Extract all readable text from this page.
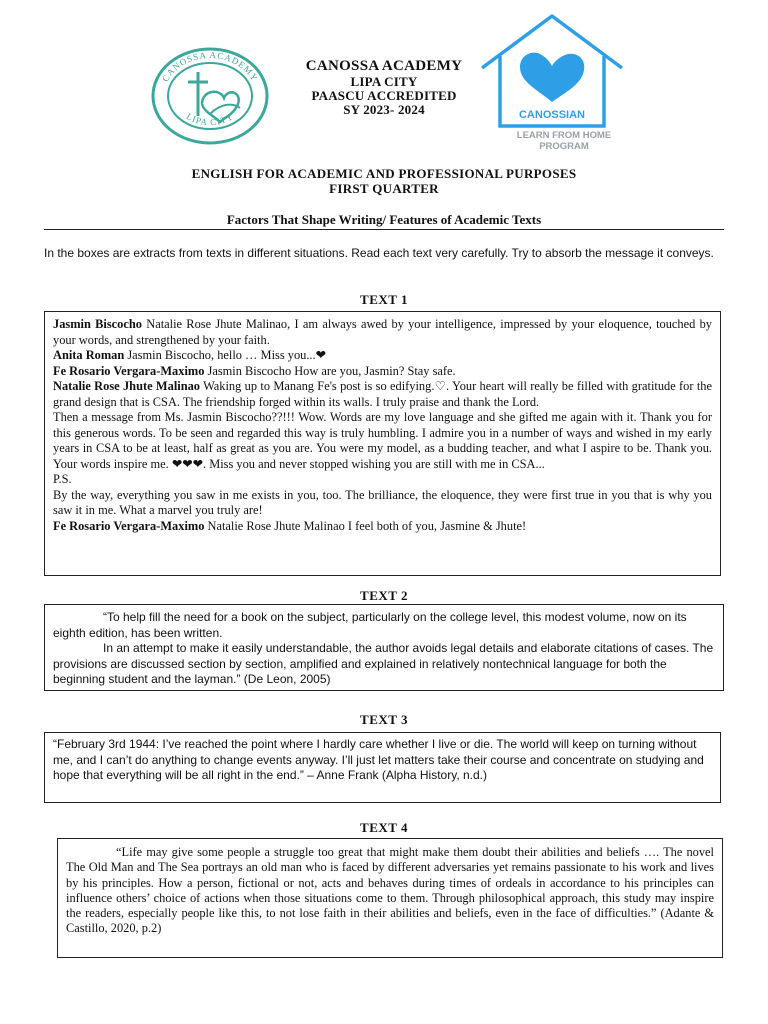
CANOSSA ACADEMY
LIPA CITY
CANOSSA ACADEMY
LIPA CITY
PAASCU ACCREDITED
SY 2023- 2024	CANOSSIAN
LEARN FROM HOME
PROGRAM
ENGLISH FOR ACADEMIC AND PROFESSIONAL PURPOSES
FIRST QUARTER
Factors That Shape Writing/ Features of Academic Texts
In the boxes are extracts from texts in different situations. Read each text very carefully. Try to absorb the message it conveys.
TEXT 1

Jasmin Biscocho Natalie Rose Jhute Malinao, I am always awed by your intelligence, impressed by your eloquence, touched by your words, and strengthened by your faith.

Anita Roman Jasmin Biscocho, hello … Miss you...❤

Fe Rosario Vergara-Maximo Jasmin Biscocho How are you, Jasmin? Stay safe.

Natalie Rose Jhute Malinao Waking up to Manang Fe's post is so edifying.♡. Your heart will really be filled with gratitude for the grand design that is CSA. The friendship forged within its walls. I truly praise and thank the Lord.

Then a message from Ms. Jasmin Biscocho??!!! Wow. Words are my love language and she gifted me again with it. Thank you for this generous words. To be seen and regarded this way is truly humbling. I admire you in a number of ways and wished in my early years in CSA to be at least, half as great as you are. You were my model, as a budding teacher, and what I aspire to be. Thank you. Your words inspire me. ❤❤❤. Miss you and never stopped wishing you are still with me in CSA...

P.S.

By the way, everything you saw in me exists in you, too. The brilliance, the eloquence, they were first true in you that is why you saw it in me. What a marvel you truly are!

Fe Rosario Vergara-Maximo Natalie Rose Jhute Malinao I feel both of you, Jasmine & Jhute!

TEXT 2

“To help fill the need for a book on the subject, particularly on the college level, this modest volume, now on its eighth edition, has been written.

In an attempt to make it easily understandable, the author avoids legal details and elaborate citations of cases. The provisions are discussed section by section, amplified and explained in relatively nontechnical language for both the beginning student and the layman.” (De Leon, 2005)

TEXT 3

“February 3rd 1944: I’ve reached the point where I hardly care whether I live or die. The world will keep on turning without me, and I can’t do anything to change events anyway. I’ll just let matters take their course and concentrate on studying and hope that everything will be all right in the end.” – Anne Frank (Alpha History, n.d.)

TEXT 4

“Life may give some people a struggle too great that might make them doubt their abilities and beliefs …. The novel The Old Man and The Sea portrays an old man who is faced by different adversaries yet remains passionate to his work and lives by his principles. How a person, fictional or not, acts and behaves during times of ordeals in accordance to his principles can influence others’ choice of actions when those situations come to them. Through philosophical approach, this study may inspire the readers, especially people like this, to not lose faith in their abilities and beliefs, even in the face of difficulties.” (Adante & Castillo, 2020, p.2)
